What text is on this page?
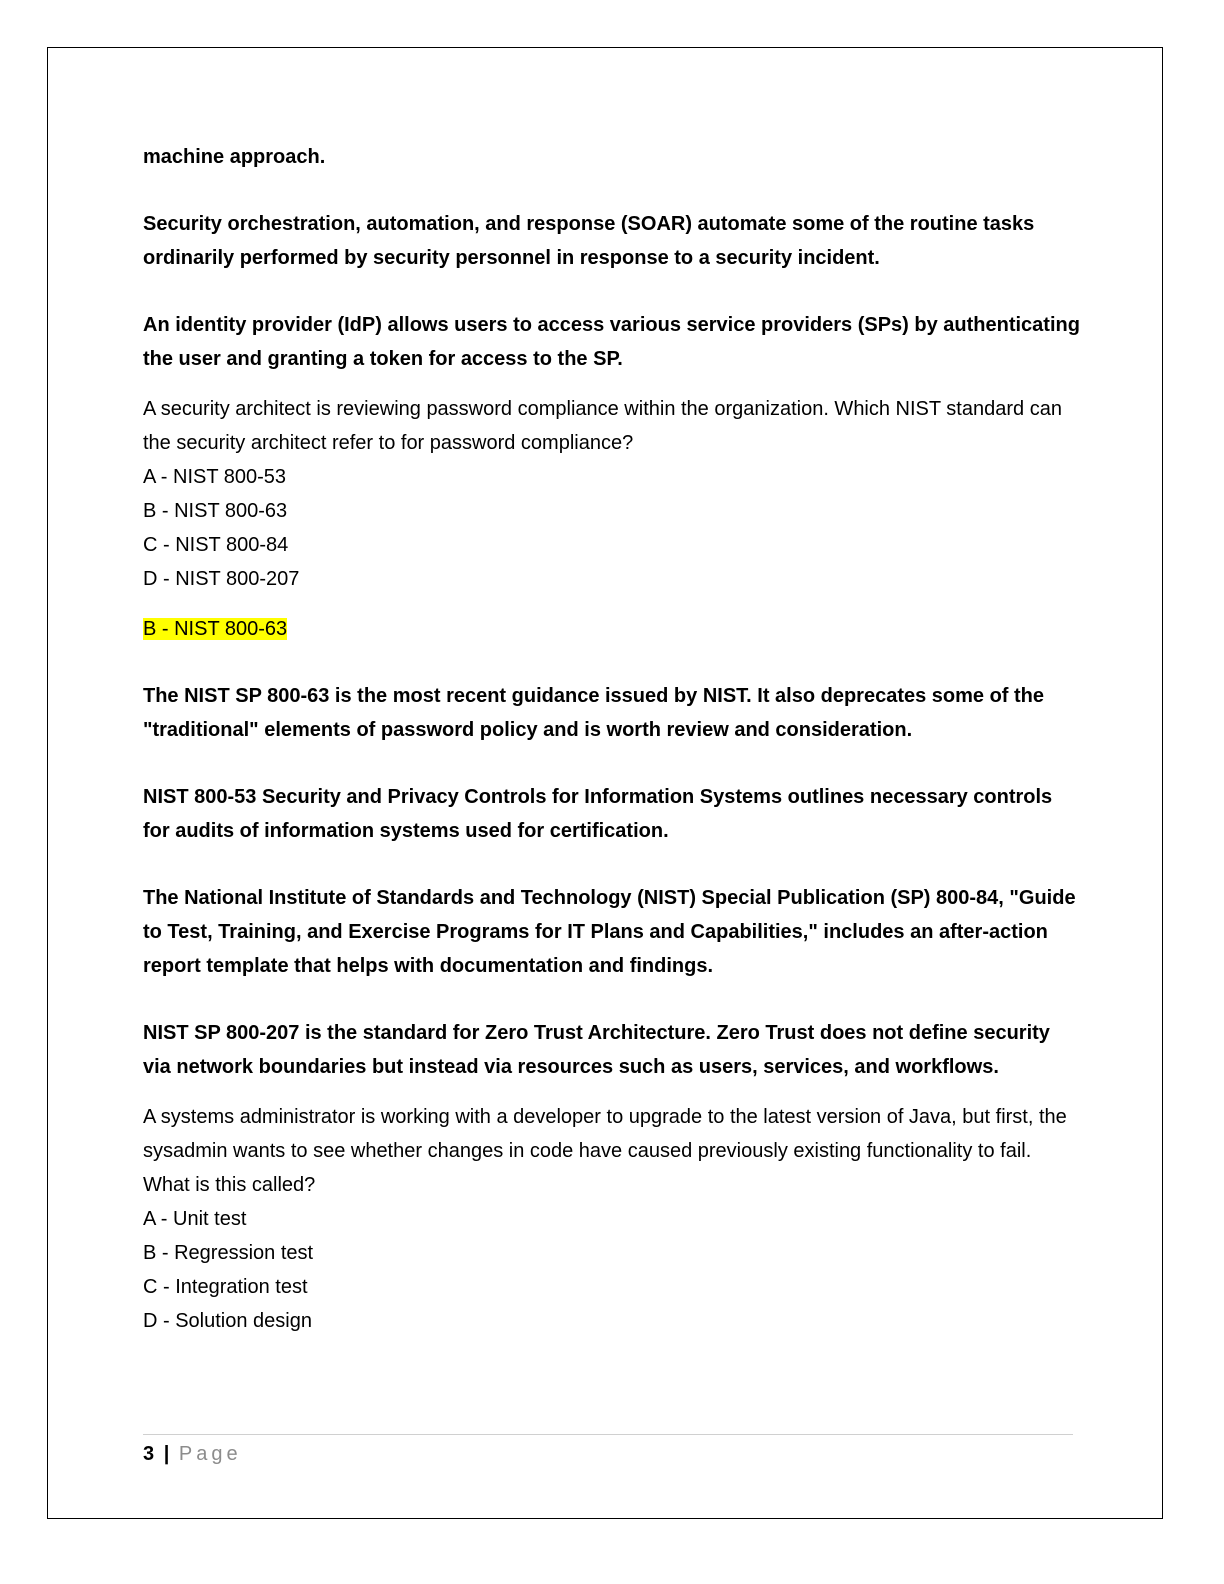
machine approach.

Security orchestration, automation, and response (SOAR) automate some of the routine tasks ordinarily performed by security personnel in response to a security incident.

An identity provider (IdP) allows users to access various service providers (SPs) by authenticating the user and granting a token for access to the SP.

A security architect is reviewing password compliance within the organization. Which NIST standard can the security architect refer to for password compliance?

A - NIST 800-53
B - NIST 800-63
C - NIST 800-84
D - NIST 800-207

B - NIST 800-63

The NIST SP 800-63 is the most recent guidance issued by NIST. It also deprecates some of the "traditional" elements of password policy and is worth review and consideration.

NIST 800-53 Security and Privacy Controls for Information Systems outlines necessary controls for audits of information systems used for certification.

The National Institute of Standards and Technology (NIST) Special Publication (SP) 800-84, "Guide to Test, Training, and Exercise Programs for IT Plans and Capabilities," includes an after-action report template that helps with documentation and findings.

NIST SP 800-207 is the standard for Zero Trust Architecture. Zero Trust does not define security via network boundaries but instead via resources such as users, services, and workflows.

A systems administrator is working with a developer to upgrade to the latest version of Java, but first, the sysadmin wants to see whether changes in code have caused previously existing functionality to fail. What is this called?

A - Unit test
B - Regression test
C - Integration test
D - Solution design
3 | Page
